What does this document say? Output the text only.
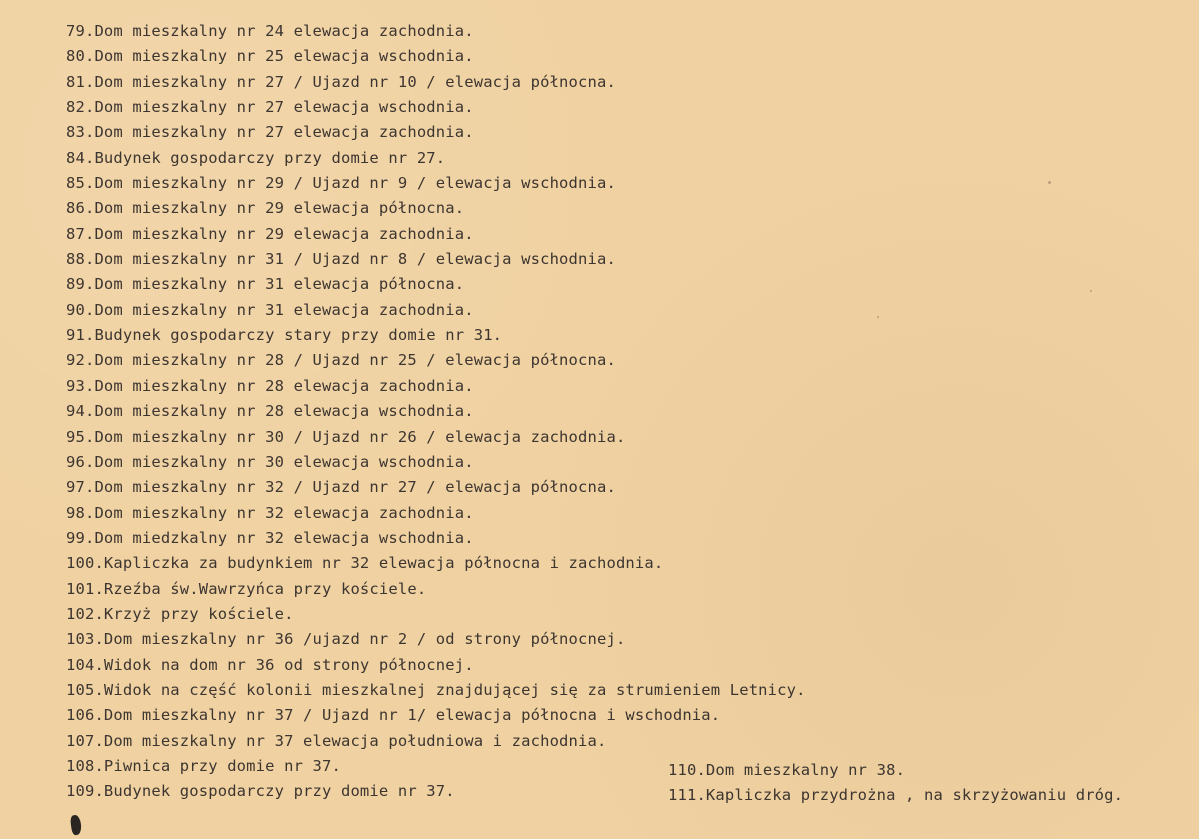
79.Dom mieszkalny nr 24 elewacja zachodnia.
80.Dom mieszkalny nr 25 elewacja wschodnia.
81.Dom mieszkalny nr 27 / Ujazd nr 10 / elewacja północna.
82.Dom mieszkalny nr 27 elewacja wschodnia.
83.Dom mieszkalny nr 27 elewacja zachodnia.
84.Budynek gospodarczy przy domie nr 27.
85.Dom mieszkalny nr 29 / Ujazd nr 9 / elewacja wschodnia.
86.Dom mieszkalny nr 29 elewacja północna.
87.Dom mieszkalny nr 29 elewacja zachodnia.
88.Dom mieszkalny nr 31 / Ujazd nr 8 / elewacja wschodnia.
89.Dom mieszkalny nr 31 elewacja północna.
90.Dom mieszkalny nr 31 elewacja zachodnia.
91.Budynek gospodarczy stary przy domie nr 31.
92.Dom mieszkalny nr 28 / Ujazd nr 25 / elewacja północna.
93.Dom mieszkalny nr 28 elewacja zachodnia.
94.Dom mieszkalny nr 28 elewacja wschodnia.
95.Dom mieszkalny nr 30 / Ujazd nr 26 / elewacja zachodnia.
96.Dom mieszkalny nr 30 elewacja wschodnia.
97.Dom mieszkalny nr 32 / Ujazd nr 27 / elewacja północna.
98.Dom mieszkalny nr 32 elewacja zachodnia.
99.Dom miedzkalny nr 32 elewacja wschodnia.
100.Kapliczka za budynkiem nr 32 elewacja północna i zachodnia.
101.Rzeźba św.Wawrzyńca przy kościele.
102.Krzyż przy kościele.
103.Dom mieszkalny nr 36 /ujazd nr 2 / od strony północnej.
104.Widok na dom nr 36 od strony północnej.
105.Widok na część kolonii mieszkalnej znajdującej się za strumieniem Letnicy.
106.Dom mieszkalny nr 37 / Ujazd nr 1/ elewacja północna i wschodnia.
107.Dom mieszkalny nr 37 elewacja południowa i zachodnia.
108.Piwnica przy domie nr 37.
109.Budynek gospodarczy przy domie nr 37.
110.Dom mieszkalny nr 38.
111.Kapliczka przydrożna , na skrzyżowaniu dróg.
